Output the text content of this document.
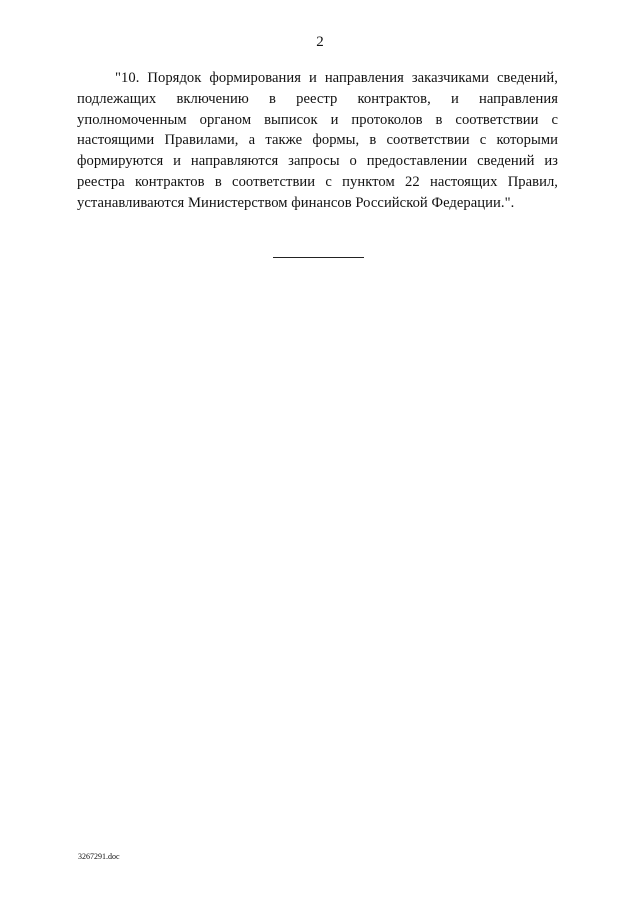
2

"10. Порядок формирования и направления заказчиками сведений, подлежащих включению в реестр контрактов, и направления уполномоченным органом выписок и протоколов в соответствии с настоящими Правилами, а также формы, в соответствии с которыми формируются и направляются запросы о предоставлении сведений из реестра контрактов в соответствии с пунктом 22 настоящих Правил, устанавливаются Министерством финансов Российской Федерации.".

3267291.doc
